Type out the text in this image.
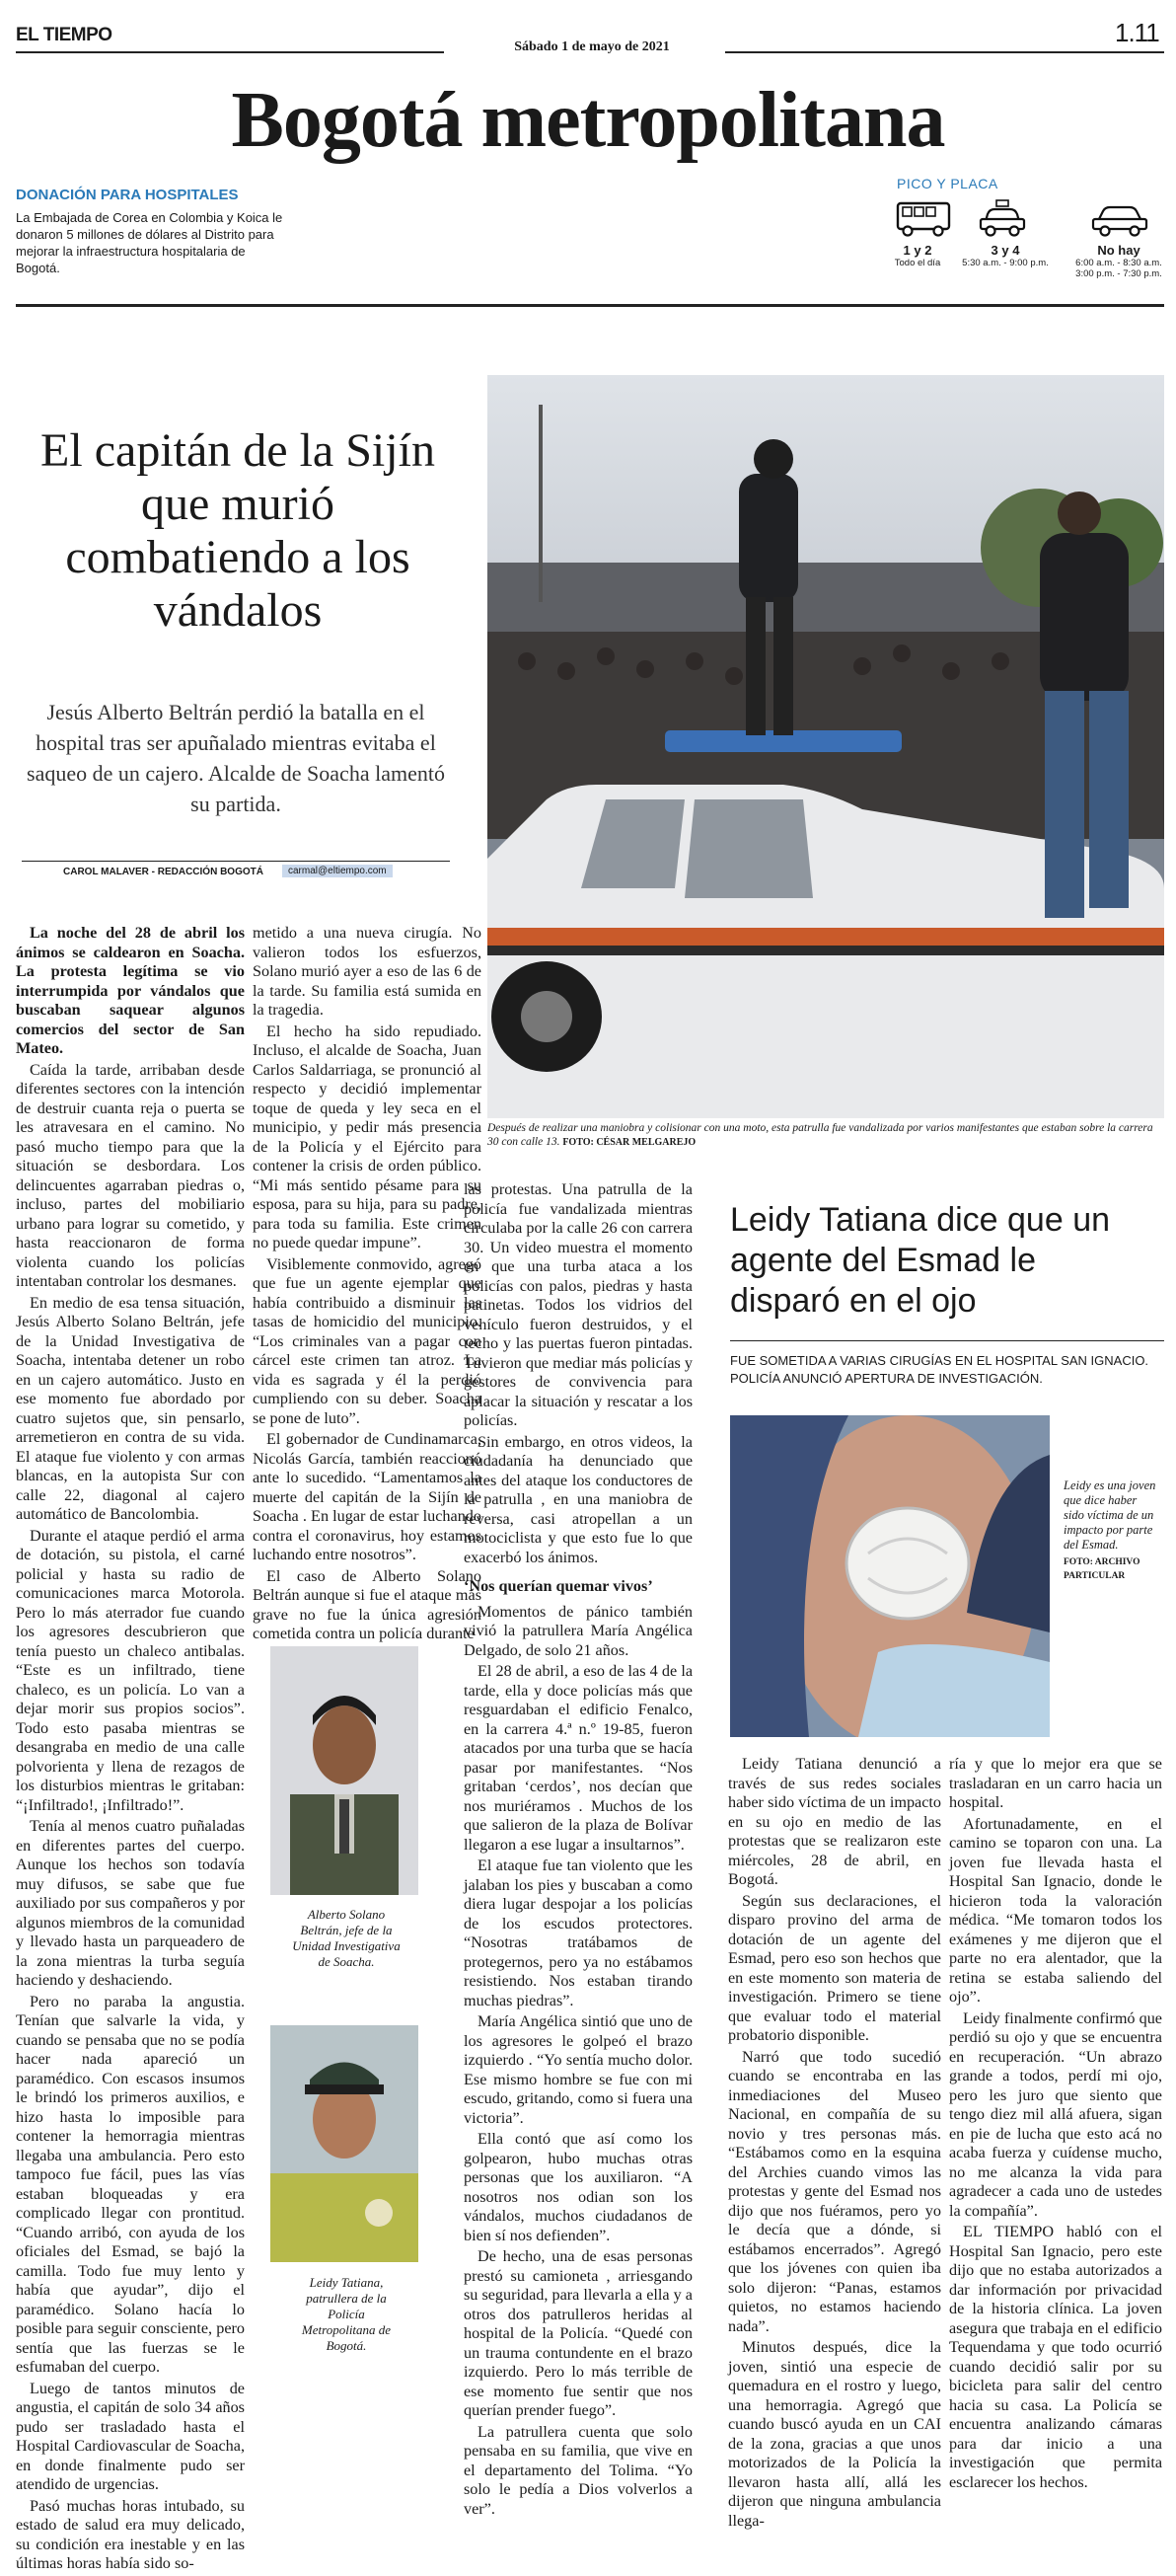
EL TIEMPO
Sábado 1 de mayo de 2021	1.11
Bogotá metropolitana
DONACIÓN PARA HOSPITALES
La Embajada de Corea en Colombia y Koica le donaron 5 millones de dólares al Distrito para mejorar la infraestructura hospitalaria de Bogotá.
PICO Y PLACA
1 y 2
Todo el día
3 y 4
5:30 a.m. - 9:00 p.m.
No hay
6:00 a.m. - 8:30 a.m.
3:00 p.m. - 7:30 p.m.
El capitán de la Sijín que murió combatiendo a los vándalos
Jesús Alberto Beltrán perdió la batalla en el hospital tras ser apuñalado mientras evitaba el saqueo de un cajero. Alcalde de Soacha lamentó su partida.
CAROL MALAVER - REDACCIÓN BOGOTÁ	carmal@eltiempo.com
Después de realizar una maniobra y colisionar con una moto, esta patrulla fue vandalizada por varios manifestantes que estaban sobre la carrera 30 con calle 13. FOTO: CÉSAR MELGAREJO

La noche del 28 de abril los ánimos se caldearon en Soacha. La protesta legítima se vio interrumpida por vándalos que buscaban saquear algunos comercios del sector de San Mateo.

Caída la tarde, arribaban desde diferentes sectores con la intención de destruir cuanta reja o puerta se les atravesara en el camino. No pasó mucho tiempo para que la situación se desbordara. Los delincuentes agarraban piedras o, incluso, partes del mobiliario urbano para lograr su cometido, y hasta reaccionaron de forma violenta cuando los policías intentaban controlar los desmanes.

En medio de esa tensa situación, Jesús Alberto Solano Beltrán, jefe de la Unidad Investigativa de Soacha, intentaba detener un robo en un cajero automático. Justo en ese momento fue abordado por cuatro sujetos que, sin pensarlo, arremetieron en contra de su vida. El ataque fue violento y con armas blancas, en la autopista Sur con calle 22, diagonal al cajero automático de Bancolombia.

Durante el ataque perdió el arma de dotación, su pistola, el carné policial y hasta su radio de comunicaciones marca Motorola. Pero lo más aterrador fue cuando los agresores descubrieron que tenía puesto un chaleco antibalas. “Este es un infiltrado, tiene chaleco, es un policía. Lo van a dejar morir sus propios socios”. Todo esto pasaba mientras se desangraba en medio de una calle polvorienta y llena de rezagos de los disturbios mientras le gritaban: “¡Infiltrado!, ¡Infiltrado!”.

Tenía al menos cuatro puñaladas en diferentes partes del cuerpo. Aunque los hechos son todavía muy difusos, se sabe que fue auxiliado por sus compañeros y por algunos miembros de la comunidad y llevado hasta un parqueadero de la zona mientras la turba seguía haciendo y deshaciendo.

Pero no paraba la angustia. Tenían que salvarle la vida, y cuando se pensaba que no se podía hacer nada apareció un paramédico. Con escasos insumos le brindó los primeros auxilios, e hizo hasta lo imposible para contener la hemorragia mientras llegaba una ambulancia. Pero esto tampoco fue fácil, pues las vías estaban bloqueadas y era complicado llegar con prontitud. “Cuando arribó, con ayuda de los oficiales del Esmad, se bajó la camilla. Todo fue muy lento y había que ayudar”, dijo el paramédico. Solano hacía lo posible para seguir consciente, pero sentía que las fuerzas se le esfumaban del cuerpo.

Luego de tantos minutos de angustia, el capitán de solo 34 años pudo ser trasladado hasta el Hospital Cardiovascular de Soacha, en donde finalmente pudo ser atendido de urgencias.

Pasó muchas horas intubado, su estado de salud era muy delicado, su condición era inestable y en las últimas horas había sido so-

metido a una nueva cirugía. No valieron todos los esfuerzos, Solano murió ayer a eso de las 6 de la tarde. Su familia está sumida en la tragedia.

El hecho ha sido repudiado. Incluso, el alcalde de Soacha, Juan Carlos Saldarriaga, se pronunció al respecto y decidió implementar toque de queda y ley seca en el municipio, y pedir más presencia de la Policía y el Ejército para contener la crisis de orden público. “Mi más sentido pésame para su esposa, para su hija, para su padre, para toda su familia. Este crimen no puede quedar impune”.

Visiblemente conmovido, agregó que fue un agente ejemplar que había contribuido a disminuir las tasas de homicidio del municipio. “Los criminales van a pagar con cárcel este crimen tan atroz. La vida es sagrada y él la perdió cumpliendo con su deber. Soacha se pone de luto”.

El gobernador de Cundinamarca, Nicolás García, también reaccionó ante lo sucedido. “Lamentamos la muerte del capitán de la Sijín de Soacha . En lugar de estar luchando contra el coronavirus, hoy estamos luchando entre nosotros”.

El caso de Alberto Solano Beltrán aunque si fue el ataque más grave no fue la única agresión cometida contra un policía durante

Alberto Solano Beltrán, jefe de la Unidad Investigativa de Soacha.
Leidy Tatiana, patrullera de la Policía Metropolitana de Bogotá.

las protestas. Una patrulla de la policía fue vandalizada mientras circulaba por la calle 26 con carrera 30. Un video muestra el momento en que una turba ataca a los policías con palos, piedras y hasta patinetas. Todos los vidrios del vehículo fueron destruidos, y el techo y las puertas fueron pintadas. Tuvieron que mediar más policías y gestores de convivencia para aplacar la situación y rescatar a los policías.

Sin embargo, en otros videos, la ciudadanía ha denunciado que antes del ataque los conductores de la patrulla , en una maniobra de reversa, casi atropellan a un motociclista y que esto fue lo que exacerbó los ánimos.

‘Nos querían quemar vivos’

Momentos de pánico también vivió la patrullera María Angélica Delgado, de solo 21 años.

El 28 de abril, a eso de las 4 de la tarde, ella y doce policías más que resguardaban el edificio Fenalco, en la carrera 4.ª n.º 19-85, fueron atacados por una turba que se hacía pasar por manifestantes. “Nos gritaban ‘cerdos’, nos decían que nos muriéramos . Muchos de los que salieron de la plaza de Bolívar llegaron a ese lugar a insultarnos”.

El ataque fue tan violento que les jalaban los pies y buscaban a como diera lugar despojar a los policías de los escudos protectores. “Nosotras tratábamos de protegernos, pero ya no estábamos resistiendo. Nos estaban tirando muchas piedras”.

María Angélica sintió que uno de los agresores le golpeó el brazo izquierdo . “Yo sentía mucho dolor. Ese mismo hombre se fue con mi escudo, gritando, como si fuera una victoria”.

Ella contó que así como los golpearon, hubo muchas otras personas que los auxiliaron. “A nosotros nos odian son los vándalos, muchos ciudadanos de bien sí nos defienden”.

De hecho, una de esas personas prestó su camioneta , arriesgando su seguridad, para llevarla a ella y a otros dos patrulleros heridas al hospital de la Policía. “Quedé con un trauma contundente en el brazo izquierdo. Pero lo más terrible de ese momento fue sentir que nos querían prender fuego”.

La patrullera cuenta que solo pensaba en su familia, que vive en el departamento del Tolima. “Yo solo le pedía a Dios volverlos a ver”.

Leidy Tatiana dice que un agente del Esmad le disparó en el ojo
FUE SOMETIDA A VARIAS CIRUGÍAS EN EL HOSPITAL SAN IGNACIO. POLICÍA ANUNCIÓ APERTURA DE INVESTIGACIÓN.
Leidy es una joven que dice haber sido víctima de un impacto por parte del Esmad.
FOTO: ARCHIVO PARTICULAR

Leidy Tatiana denunció a través de sus redes sociales haber sido víctima de un impacto en su ojo en medio de las protestas que se realizaron este miércoles, 28 de abril, en Bogotá.

Según sus declaraciones, el disparo provino del arma de dotación de un agente del Esmad, pero eso son hechos que en este momento son materia de investigación. Primero se tiene que evaluar todo el material probatorio disponible.

Narró que todo sucedió cuando se encontraba en las inmediaciones del Museo Nacional, en compañía de su novio y tres personas más. “Estábamos como en la esquina del Archies cuando vimos las protestas y gente del Esmad nos dijo que nos fuéramos, pero yo le decía que a dónde, si estábamos encerrados”. Agregó que los jóvenes con quien iba solo dijeron: “Panas, estamos quietos, no estamos haciendo nada”.

Minutos después, dice la joven, sintió una especie de quemadura en el rostro y luego, una hemorragia. Agregó que cuando buscó ayuda en un CAI de la zona, gracias a que unos motorizados de la Policía la llevaron hasta allí, allá les dijeron que ninguna ambulancia llega-

ría y que lo mejor era que se trasladaran en un carro hacia un hospital.

Afortunadamente, en el camino se toparon con una. La joven fue llevada hasta el Hospital San Ignacio, donde le hicieron toda la valoración médica. “Me tomaron todos los exámenes y me dijeron que el parte no era alentador, que la retina se estaba saliendo del ojo”.

Leidy finalmente confirmó que perdió su ojo y que se encuentra en recuperación. “Un abrazo grande a todos, perdí mi ojo, pero les juro que siento que tengo diez mil allá afuera, sigan en pie de lucha que esto acá no acaba fuerza y cuídense mucho, no me alcanza la vida para agradecer a cada uno de ustedes la compañía”.

EL TIEMPO habló con el Hospital San Ignacio, pero este dijo que no estaba autorizados a dar información por privacidad de la historia clínica. La joven asegura que trabaja en el edificio Tequendama y que todo ocurrió cuando decidió salir por su bicicleta para salir del centro hacia su casa. La Policía se encuentra analizando cámaras para dar inicio a una investigación que permita esclarecer los hechos.
